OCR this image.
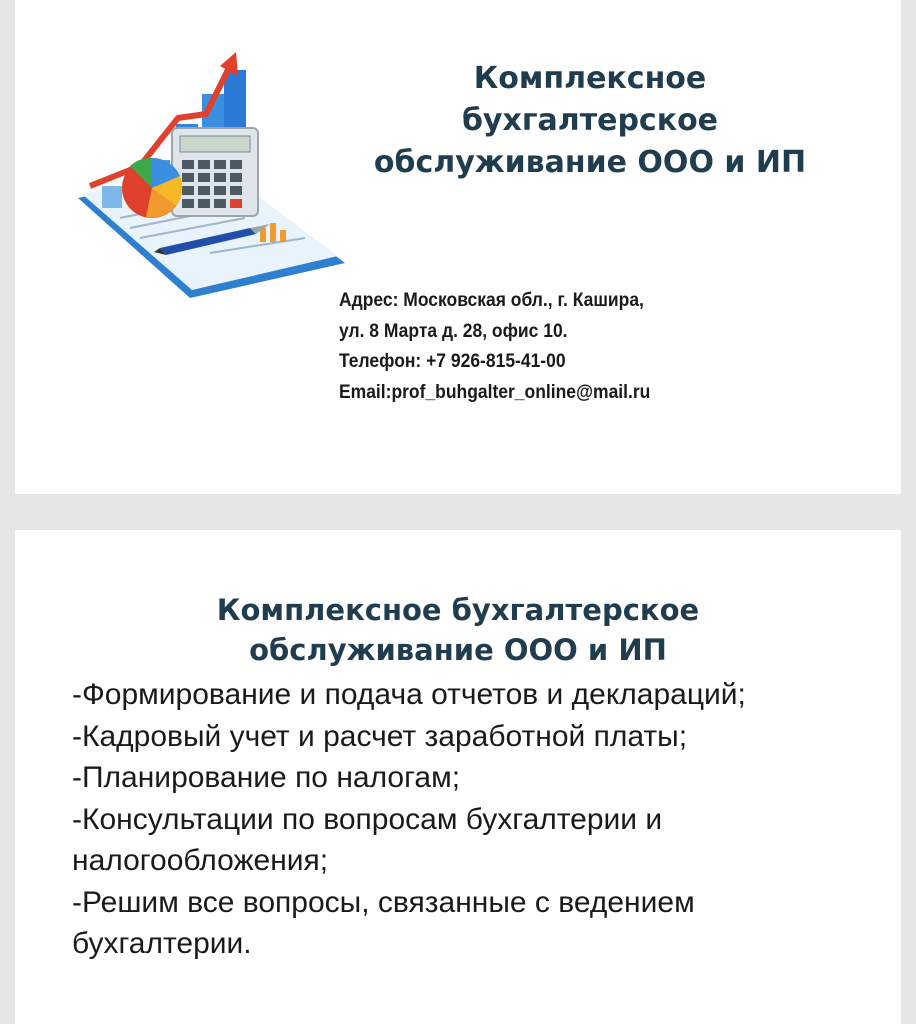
Комплексное
бухгалтерское
обслуживание ООО и ИП
Адрес: Московская обл., г. Кашира,
ул. 8 Марта д. 28, офис 10.
Телефон: +7 926-815-41-00
Email:prof_buhgalter_online@mail.ru
Комплексное бухгалтерское
обслуживание ООО и ИП
-Формирование и подача отчетов и деклараций;
-Кадровый учет и расчет заработной платы;
-Планирование по налогам;
-Консультации по вопросам бухгалтерии и
налогообложения;
-Решим все вопросы, связанные с ведением
бухгалтерии.
